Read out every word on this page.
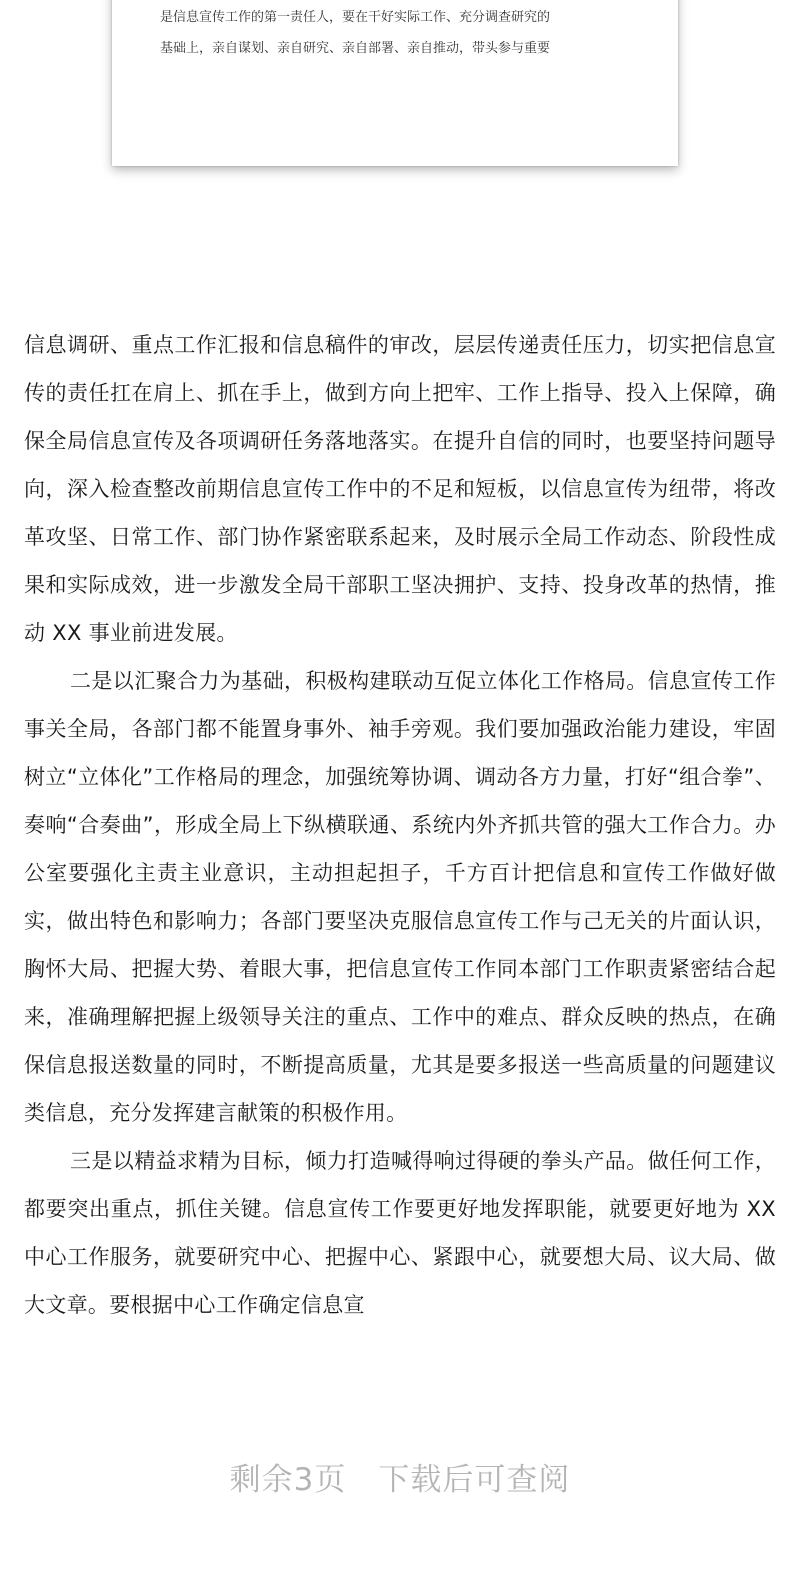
是信息宣传工作的第一责任人，要在干好实际工作、充分调查研究的
基础上，亲自谋划、亲自研究、亲自部署、亲自推动，带头参与重要

信息调研、重点工作汇报和信息稿件的审改，层层传递责任压力，切实把信息宣传的责任扛在肩上、抓在手上，做到方向上把牢、工作上指导、投入上保障，确保全局信息宣传及各项调研任务落地落实。在提升自信的同时，也要坚持问题导向，深入检查整改前期信息宣传工作中的不足和短板，以信息宣传为纽带，将改革攻坚、日常工作、部门协作紧密联系起来，及时展示全局工作动态、阶段性成果和实际成效，进一步激发全局干部职工坚决拥护、支持、投身改革的热情，推动 XX 事业前进发展。

二是以汇聚合力为基础，积极构建联动互促立体化工作格局。信息宣传工作事关全局，各部门都不能置身事外、袖手旁观。我们要加强政治能力建设，牢固树立“立体化”工作格局的理念，加强统筹协调、调动各方力量，打好“组合拳”、奏响“合奏曲”，形成全局上下纵横联通、系统内外齐抓共管的强大工作合力。办公室要强化主责主业意识，主动担起担子，千方百计把信息和宣传工作做好做实，做出特色和影响力；各部门要坚决克服信息宣传工作与己无关的片面认识，胸怀大局、把握大势、着眼大事，把信息宣传工作同本部门工作职责紧密结合起来，准确理解把握上级领导关注的重点、工作中的难点、群众反映的热点，在确保信息报送数量的同时，不断提高质量，尤其是要多报送一些高质量的问题建议类信息，充分发挥建言献策的积极作用。

三是以精益求精为目标，倾力打造喊得响过得硬的拳头产品。做任何工作，都要突出重点，抓住关键。信息宣传工作要更好地发挥职能，就要更好地为 XX 中心工作服务，就要研究中心、把握中心、紧跟中心，就要想大局、议大局、做大文章。要根据中心工作确定信息宣

剩余3页 下载后可查阅
